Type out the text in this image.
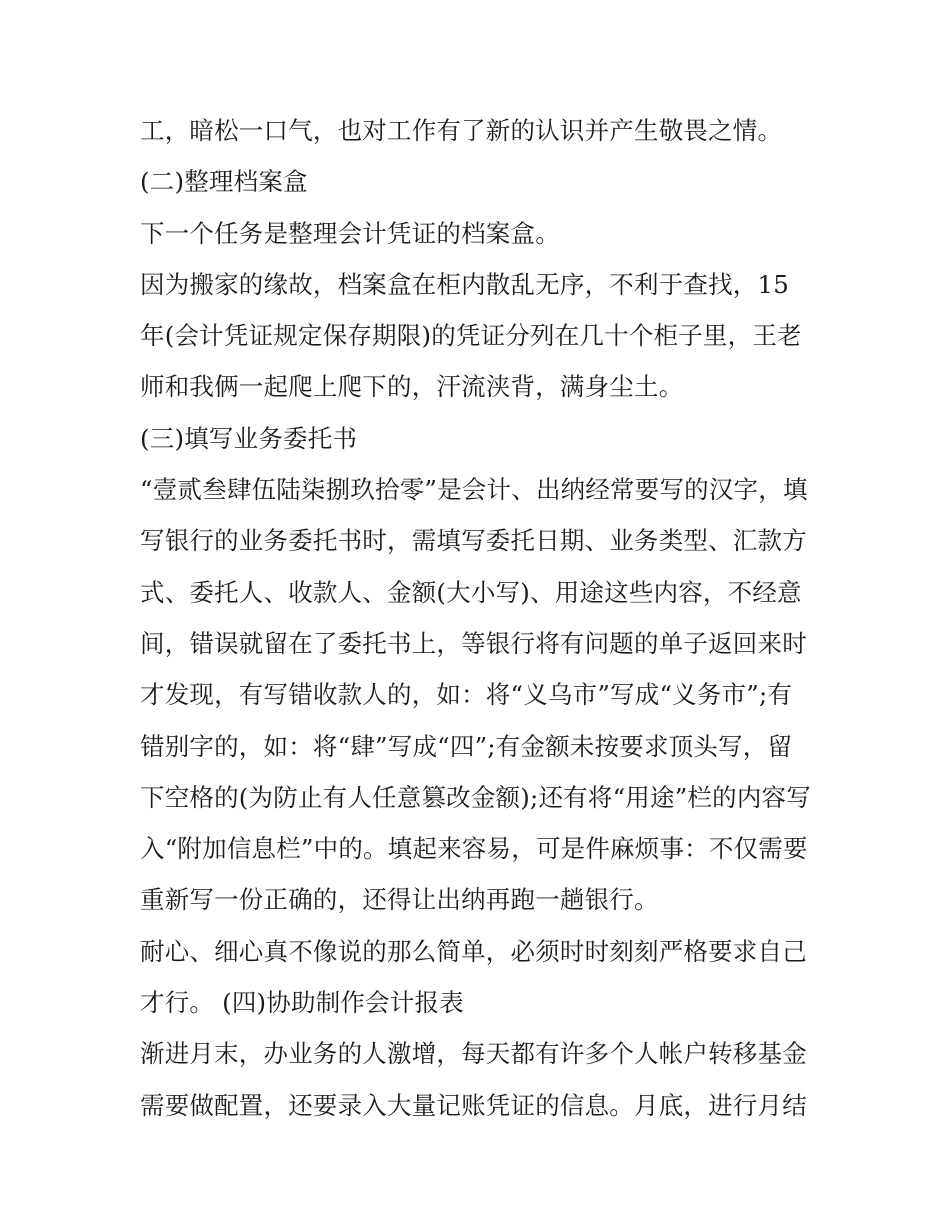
工，暗松一口气，也对工作有了新的认识并产生敬畏之情。
(二)整理档案盒
下一个任务是整理会计凭证的档案盒。
因为搬家的缘故，档案盒在柜内散乱无序，不利于查找，15
年(会计凭证规定保存期限)的凭证分列在几十个柜子里，王老
师和我俩一起爬上爬下的，汗流浃背，满身尘土。
(三)填写业务委托书
“壹贰叁肆伍陆柒捌玖拾零”是会计、出纳经常要写的汉字，填
写银行的业务委托书时，需填写委托日期、业务类型、汇款方
式、委托人、收款人、金额(大小写)、用途这些内容，不经意
间，错误就留在了委托书上，等银行将有问题的单子返回来时
才发现，有写错收款人的，如：将“义乌市”写成“义务市”;有
错别字的，如：将“肆”写成“四”;有金额未按要求顶头写，留
下空格的(为防止有人任意篡改金额);还有将“用途”栏的内容写
入“附加信息栏”中的。填起来容易，可是件麻烦事：不仅需要
重新写一份正确的，还得让出纳再跑一趟银行。
耐心、细心真不像说的那么简单，必须时时刻刻严格要求自己
才行。 (四)协助制作会计报表
渐进月末，办业务的人激增，每天都有许多个人帐户转移基金
需要做配置，还要录入大量记账凭证的信息。月底，进行月结
